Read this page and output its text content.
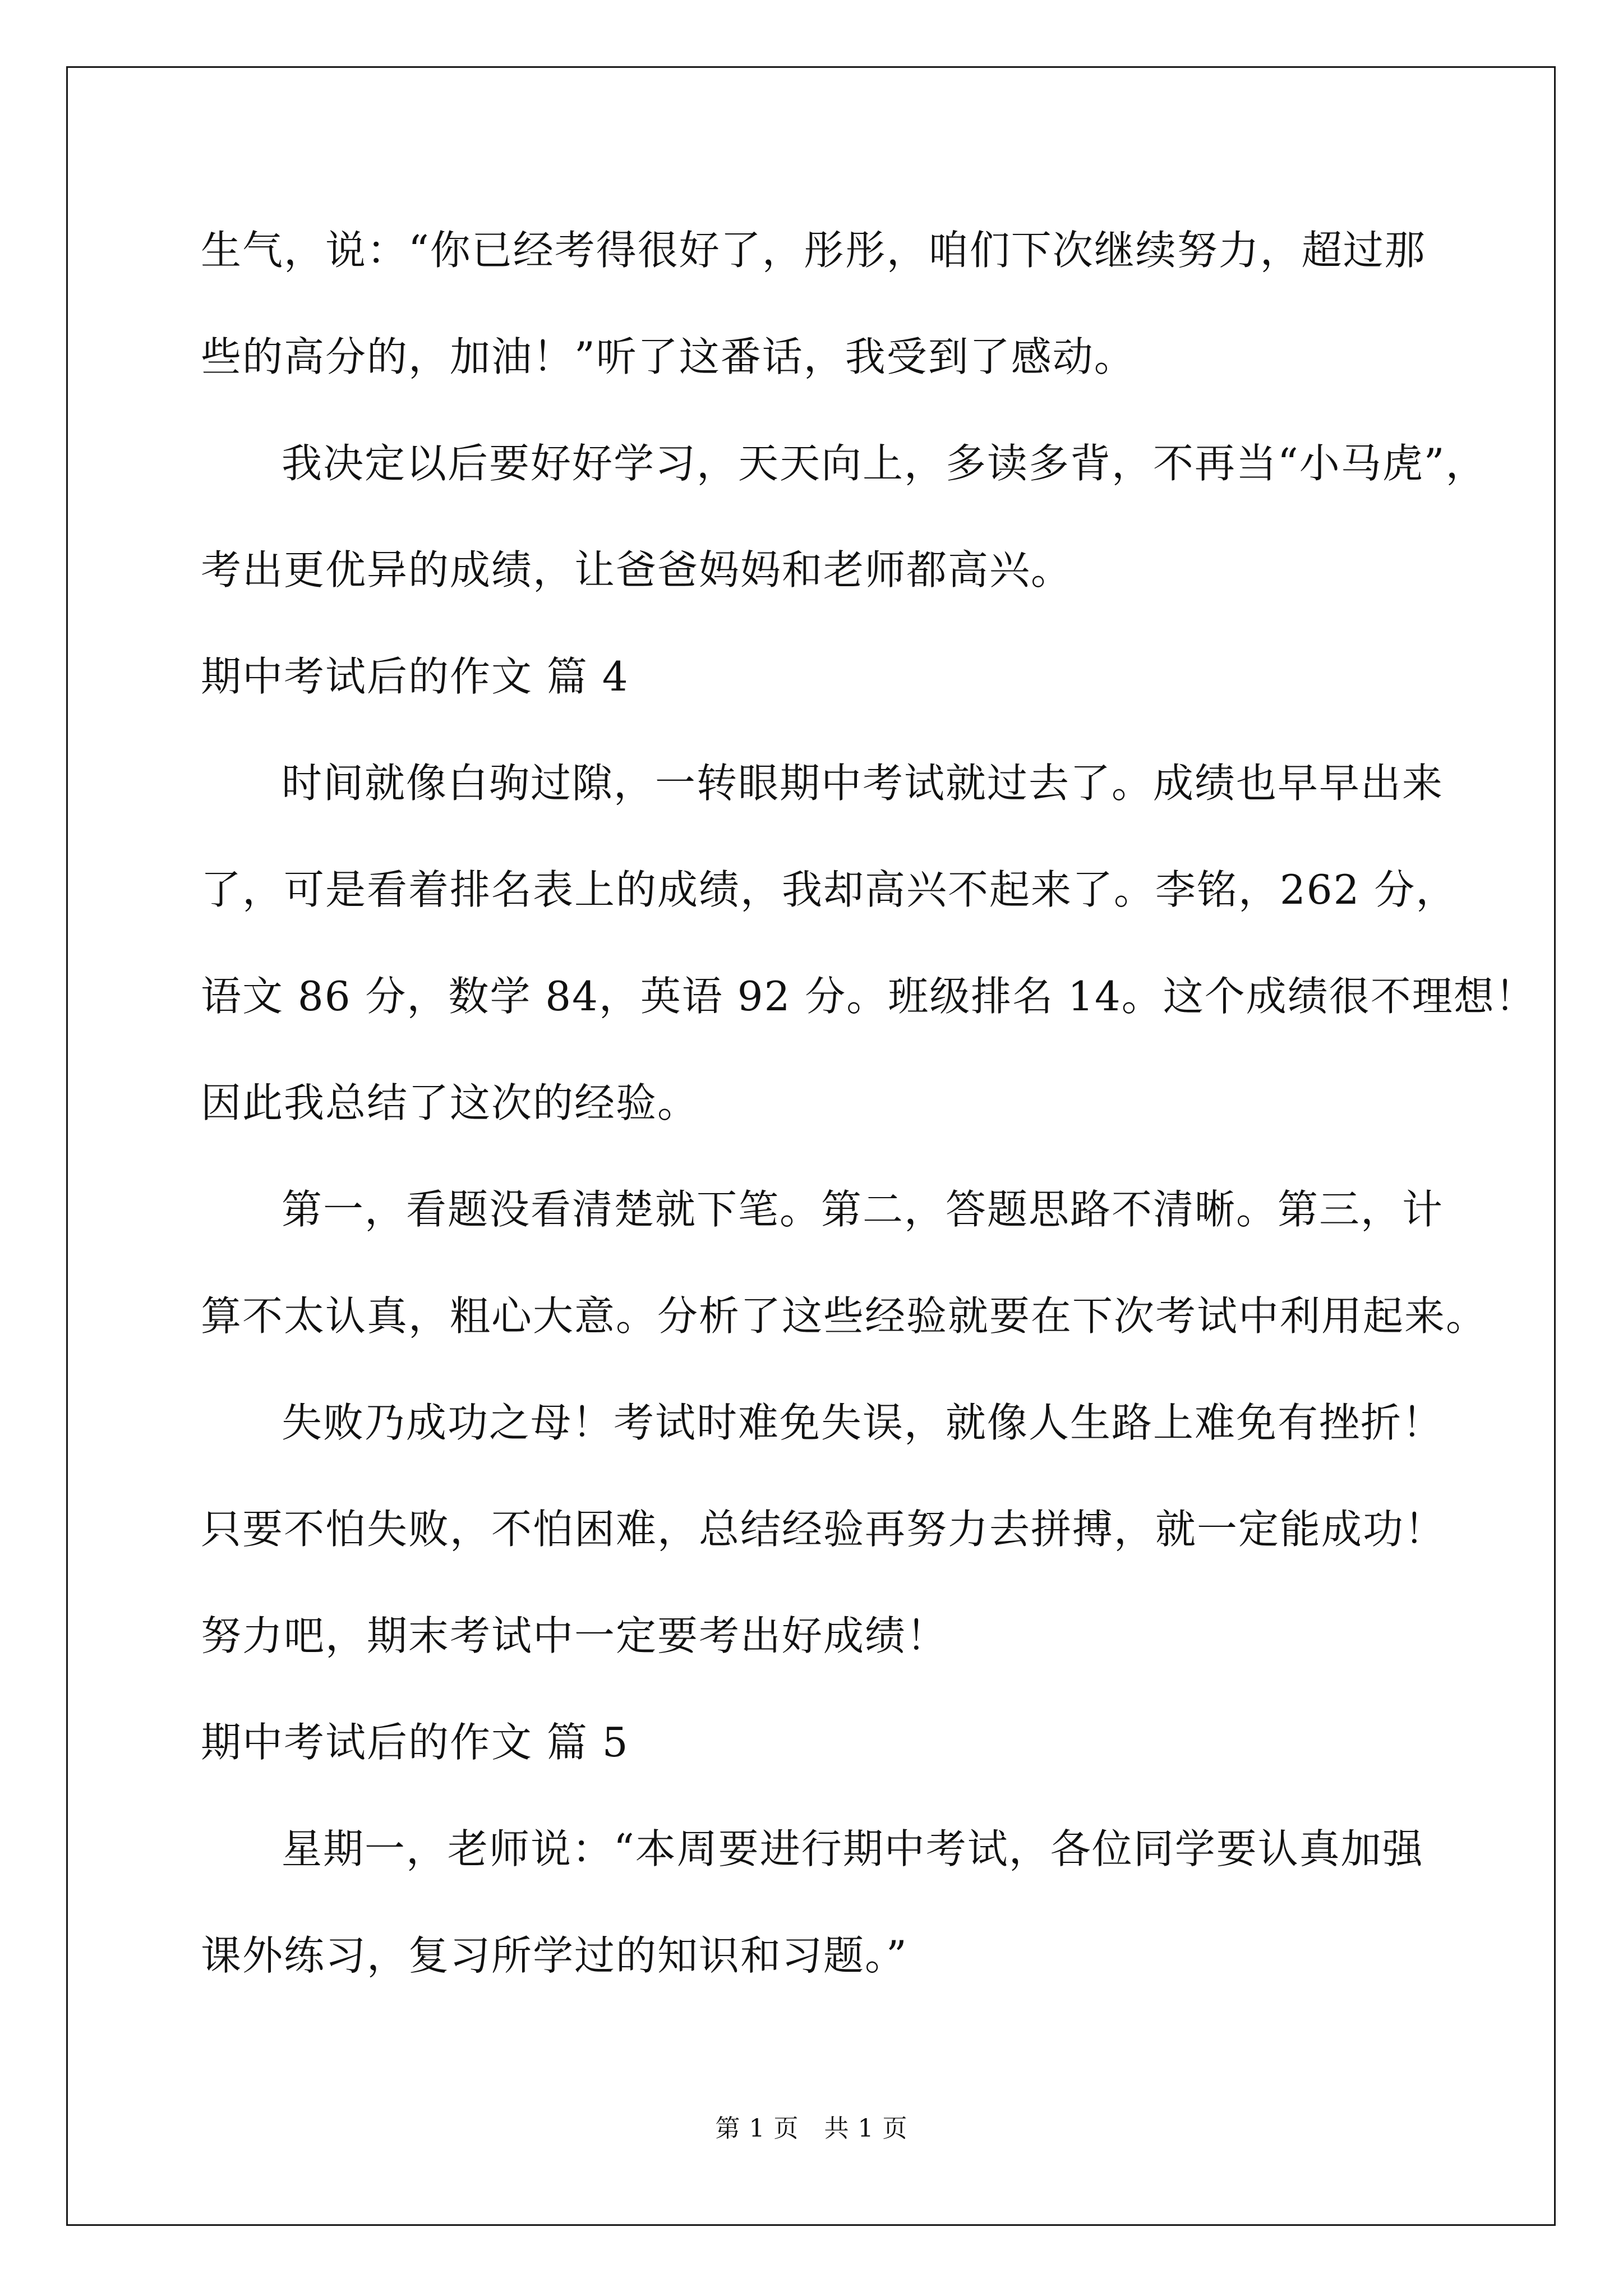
生气，说：“你已经考得很好了，彤彤，咱们下次继续努力，超过那
些的高分的，加油！”听了这番话，我受到了感动。
我决定以后要好好学习，天天向上，多读多背，不再当“小马虎”，
考出更优异的成绩，让爸爸妈妈和老师都高兴。
期中考试后的作文 篇 4
时间就像白驹过隙，一转眼期中考试就过去了。成绩也早早出来
了，可是看着排名表上的成绩，我却高兴不起来了。李铭，262 分，
语文 86 分，数学 84，英语 92 分。班级排名 14。这个成绩很不理想！
因此我总结了这次的经验。
第一，看题没看清楚就下笔。第二，答题思路不清晰。第三，计
算不太认真，粗心大意。分析了这些经验就要在下次考试中利用起来。
失败乃成功之母！考试时难免失误，就像人生路上难免有挫折！
只要不怕失败，不怕困难，总结经验再努力去拼搏，就一定能成功！
努力吧，期末考试中一定要考出好成绩！
期中考试后的作文 篇 5
星期一，老师说：“本周要进行期中考试，各位同学要认真加强
课外练习，复习所学过的知识和习题。”
第 1 页　共 1 页
